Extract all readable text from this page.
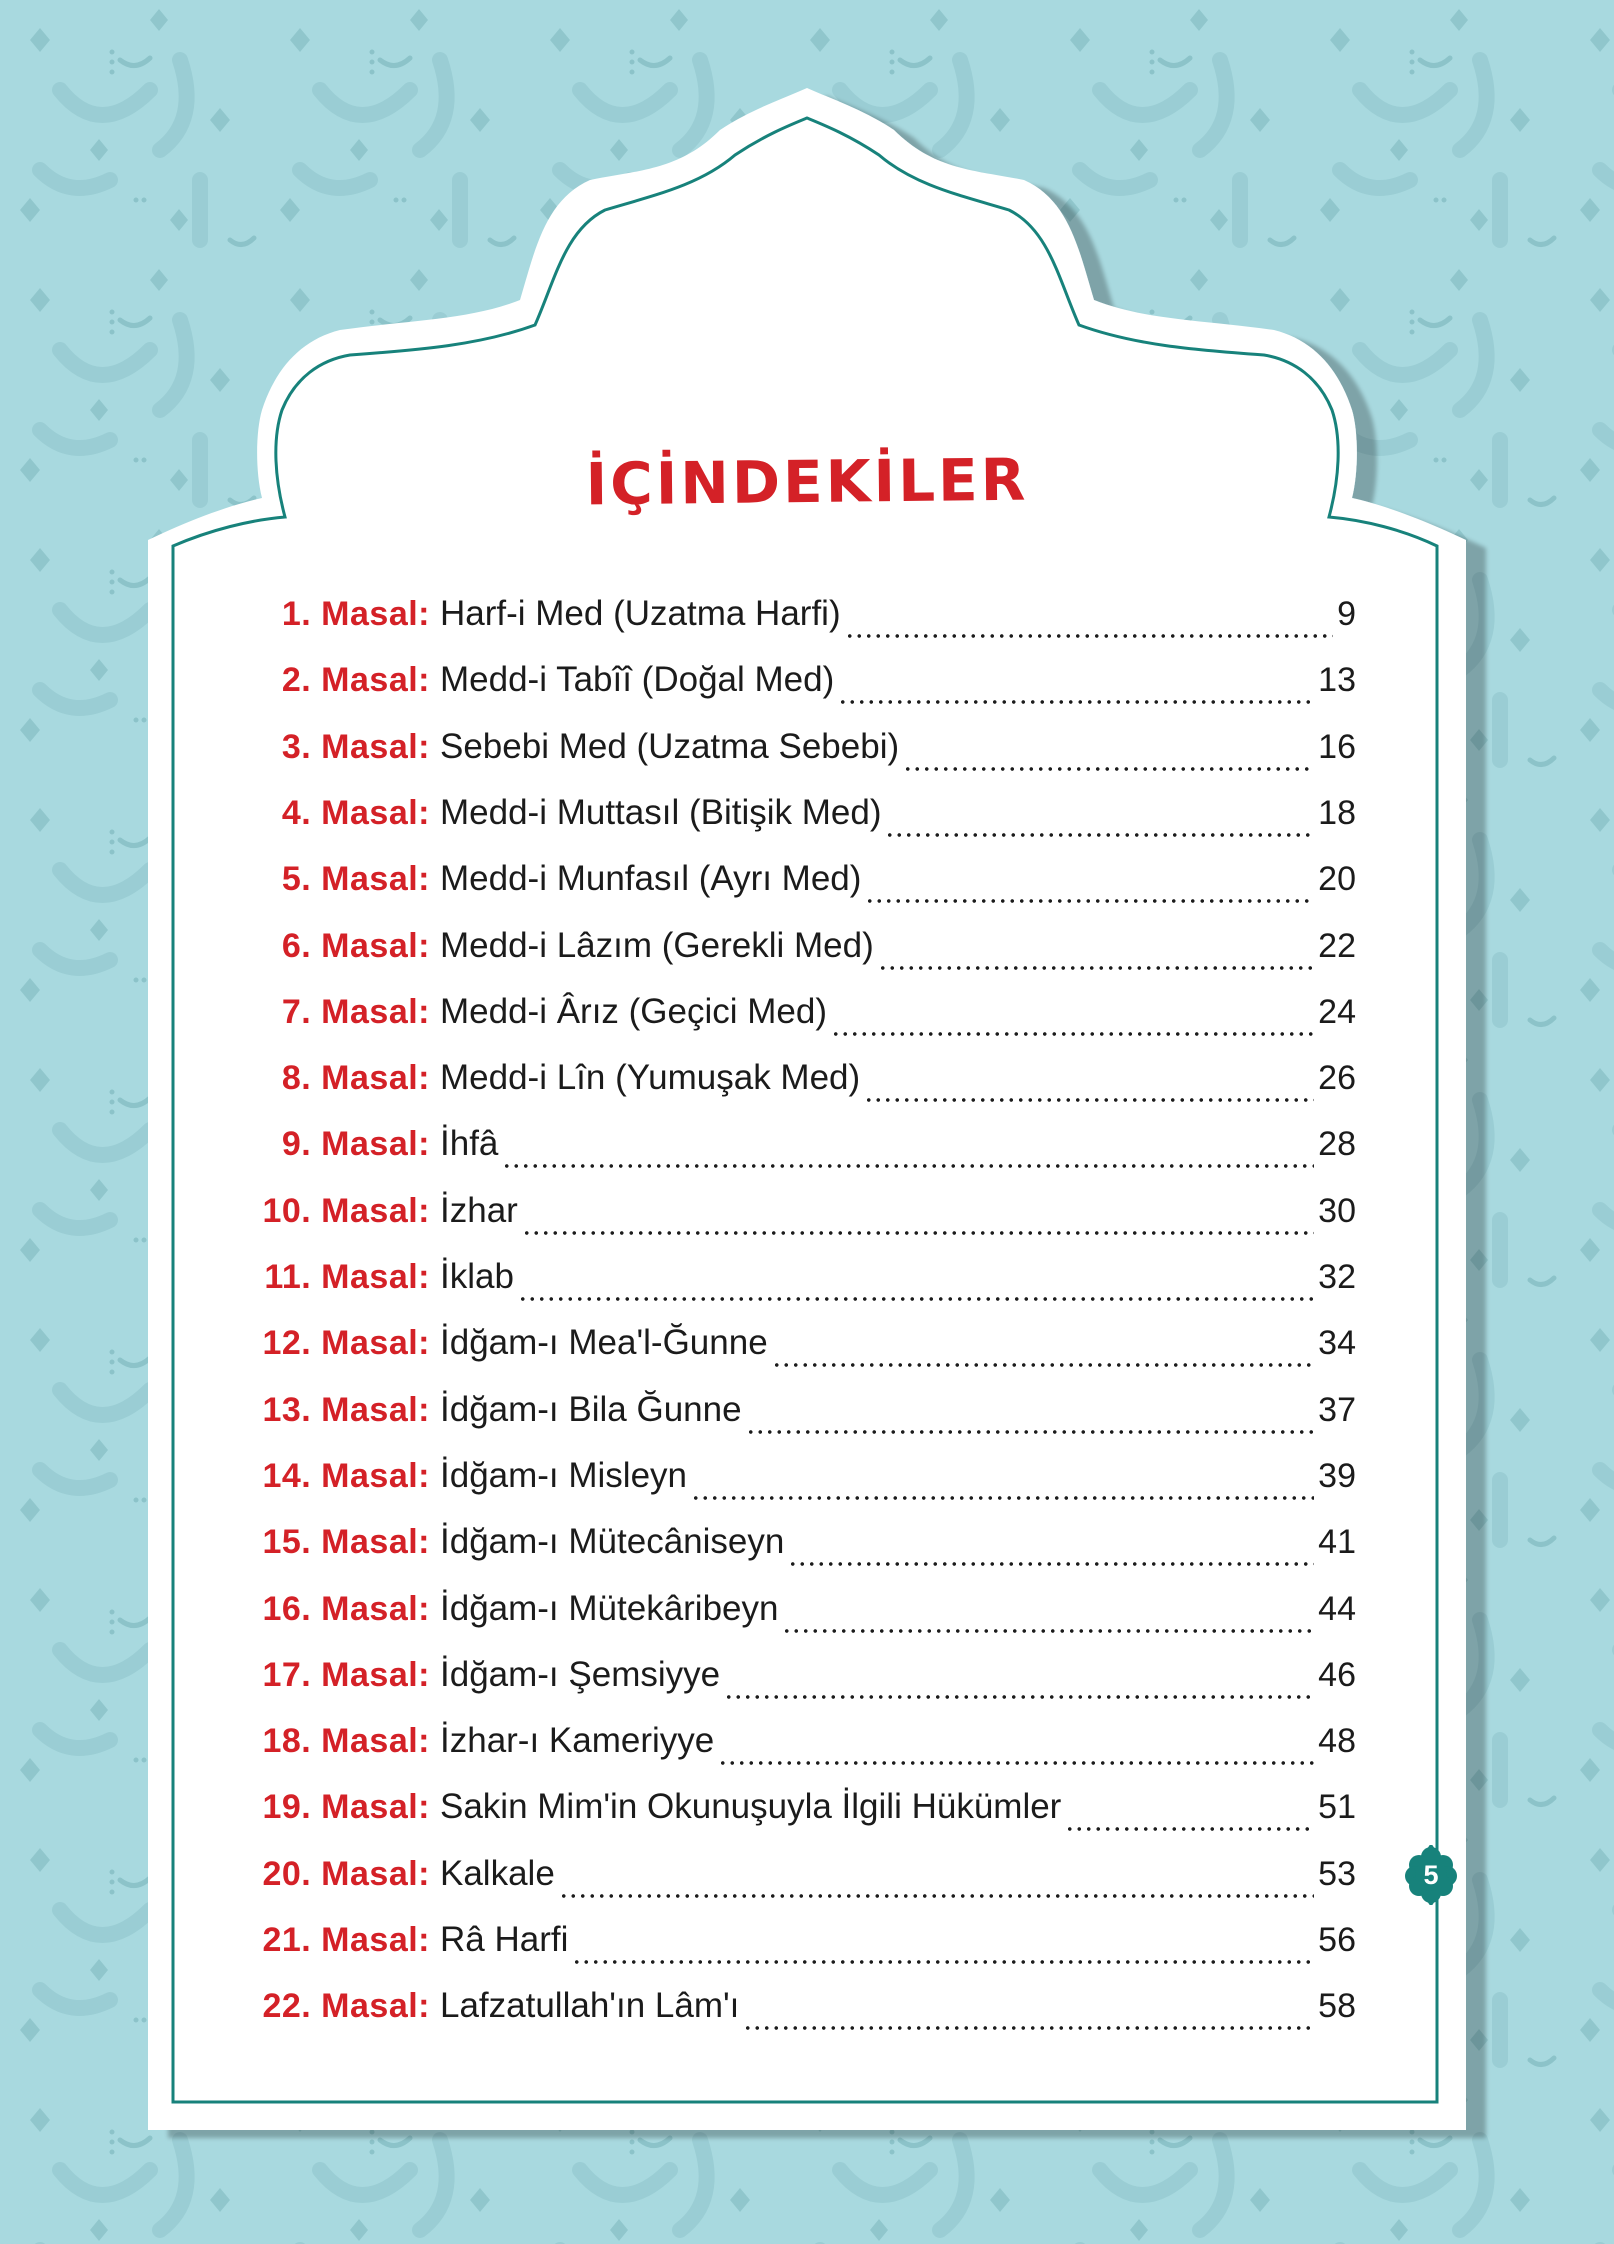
İÇİNDEKİLER
1. Masal: Harf-i Med (Uzatma Harfi)	9
2. Masal: Medd-i Tabîî (Doğal Med)	13
3. Masal: Sebebi Med (Uzatma Sebebi)	16
4. Masal: Medd-i Muttasıl (Bitişik Med)	18
5. Masal: Medd-i Munfasıl (Ayrı Med)	20
6. Masal: Medd-i Lâzım (Gerekli Med)	22
7. Masal: Medd-i Ârız (Geçici Med)	24
8. Masal: Medd-i Lîn (Yumuşak Med)	26
9. Masal: İhfâ	28
10. Masal: İzhar	30
11. Masal: İklab	32
12. Masal: İdğam-ı Mea'l-Ğunne	34
13. Masal: İdğam-ı Bila Ğunne	37
14. Masal: İdğam-ı Misleyn	39
15. Masal: İdğam-ı Mütecâniseyn	41
16. Masal: İdğam-ı Mütekâribeyn	44
17. Masal: İdğam-ı Şemsiyye	46
18. Masal: İzhar-ı Kameriyye	48
19. Masal: Sakin Mim'in Okunuşuyla İlgili Hükümler	51
20. Masal: Kalkale	53
21. Masal: Râ Harfi	56
22. Masal: Lafzatullah'ın Lâm'ı	58
5
